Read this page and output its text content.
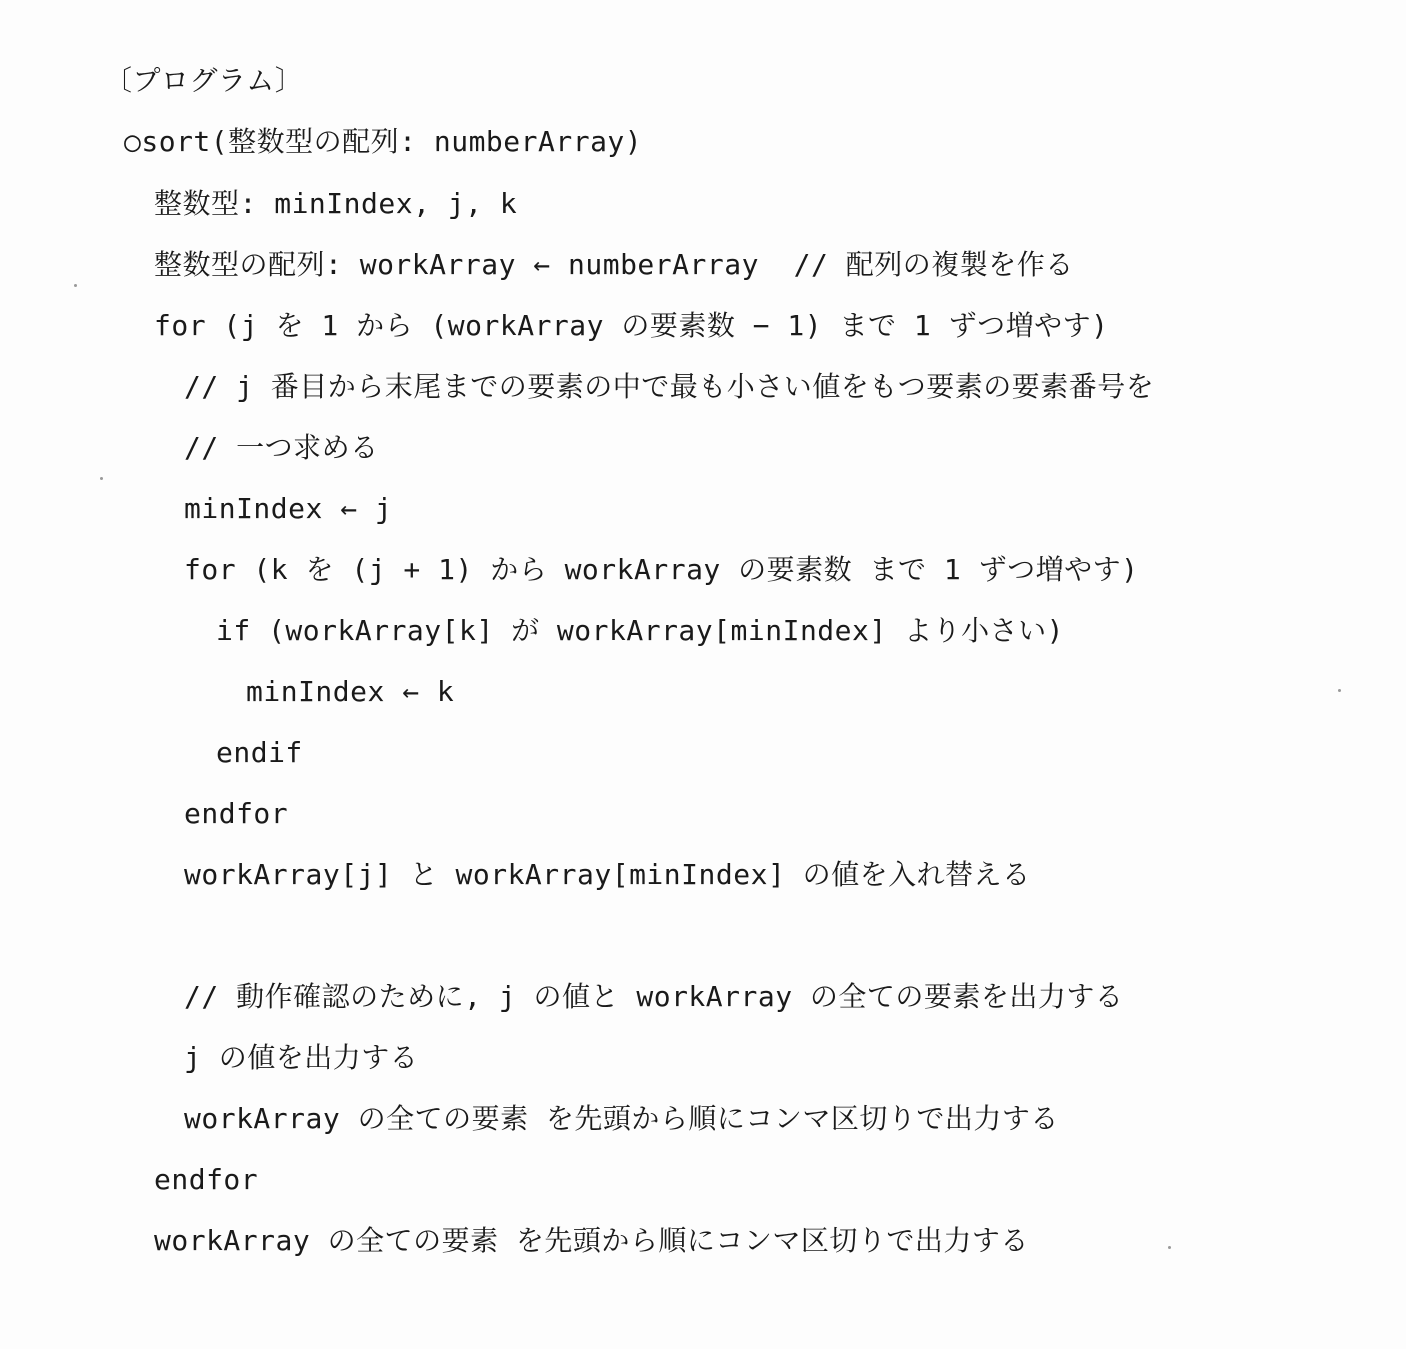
〔プログラム〕
○sort(整数型の配列: numberArray)
整数型: minIndex, j, k
整数型の配列: workArray ← numberArray  // 配列の複製を作る
for (j を 1 から (workArray の要素数 − 1) まで 1 ずつ増やす)
// j 番目から末尾までの要素の中で最も小さい値をもつ要素の要素番号を
// 一つ求める
minIndex ← j
for (k を (j + 1) から workArray の要素数 まで 1 ずつ増やす)
if (workArray[k] が workArray[minIndex] より小さい)
minIndex ← k
endif
endfor
workArray[j] と workArray[minIndex] の値を入れ替える
// 動作確認のために, j の値と workArray の全ての要素を出力する
j の値を出力する
workArray の全ての要素 を先頭から順にコンマ区切りで出力する
endfor
workArray の全ての要素 を先頭から順にコンマ区切りで出力する
